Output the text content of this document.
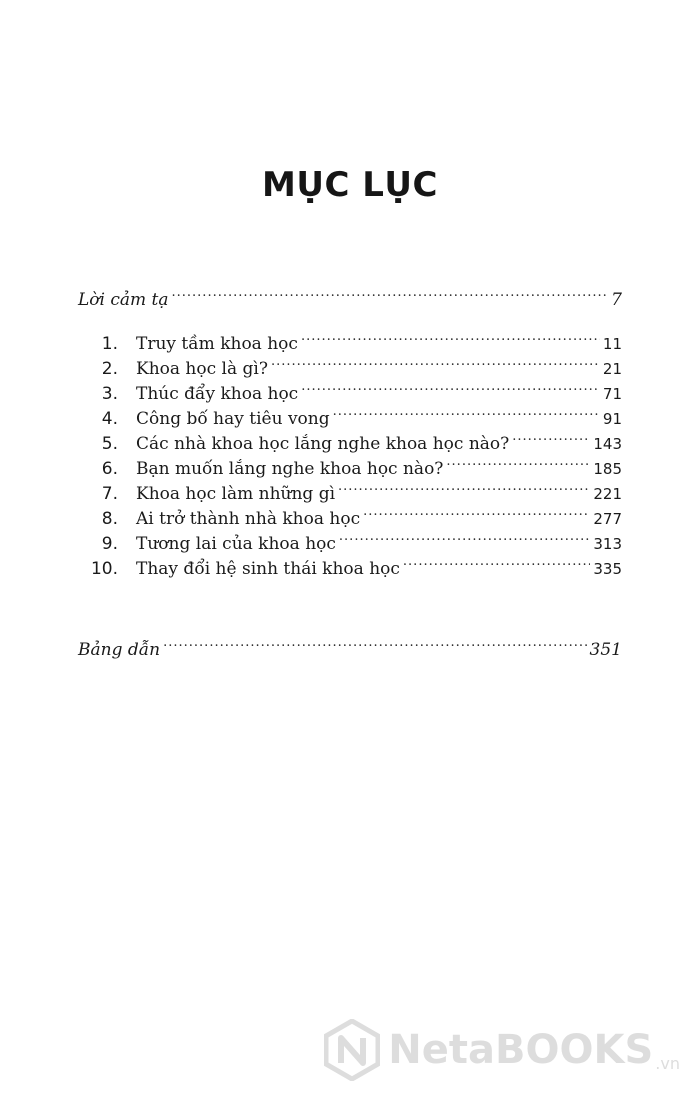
MỤC LỤC
Lời cảm tạ .....	7
1.	Truy tầm khoa học .....	11
2.	Khoa học là gì? .....	21
3.	Thúc đẩy khoa học .....	71
4.	Công bố hay tiêu vong .....	91
5.	Các nhà khoa học lắng nghe khoa học nào? .....	143
6.	Bạn muốn lắng nghe khoa học nào? .....	185
7.	Khoa học làm những gì .....	221
8.	Ai trở thành nhà khoa học .....	277
9.	Tương lai của khoa học .....	313
10.	Thay đổi hệ sinh thái khoa học .....	335
Bảng dẫn .....	351
NetaBOOKS .vn
